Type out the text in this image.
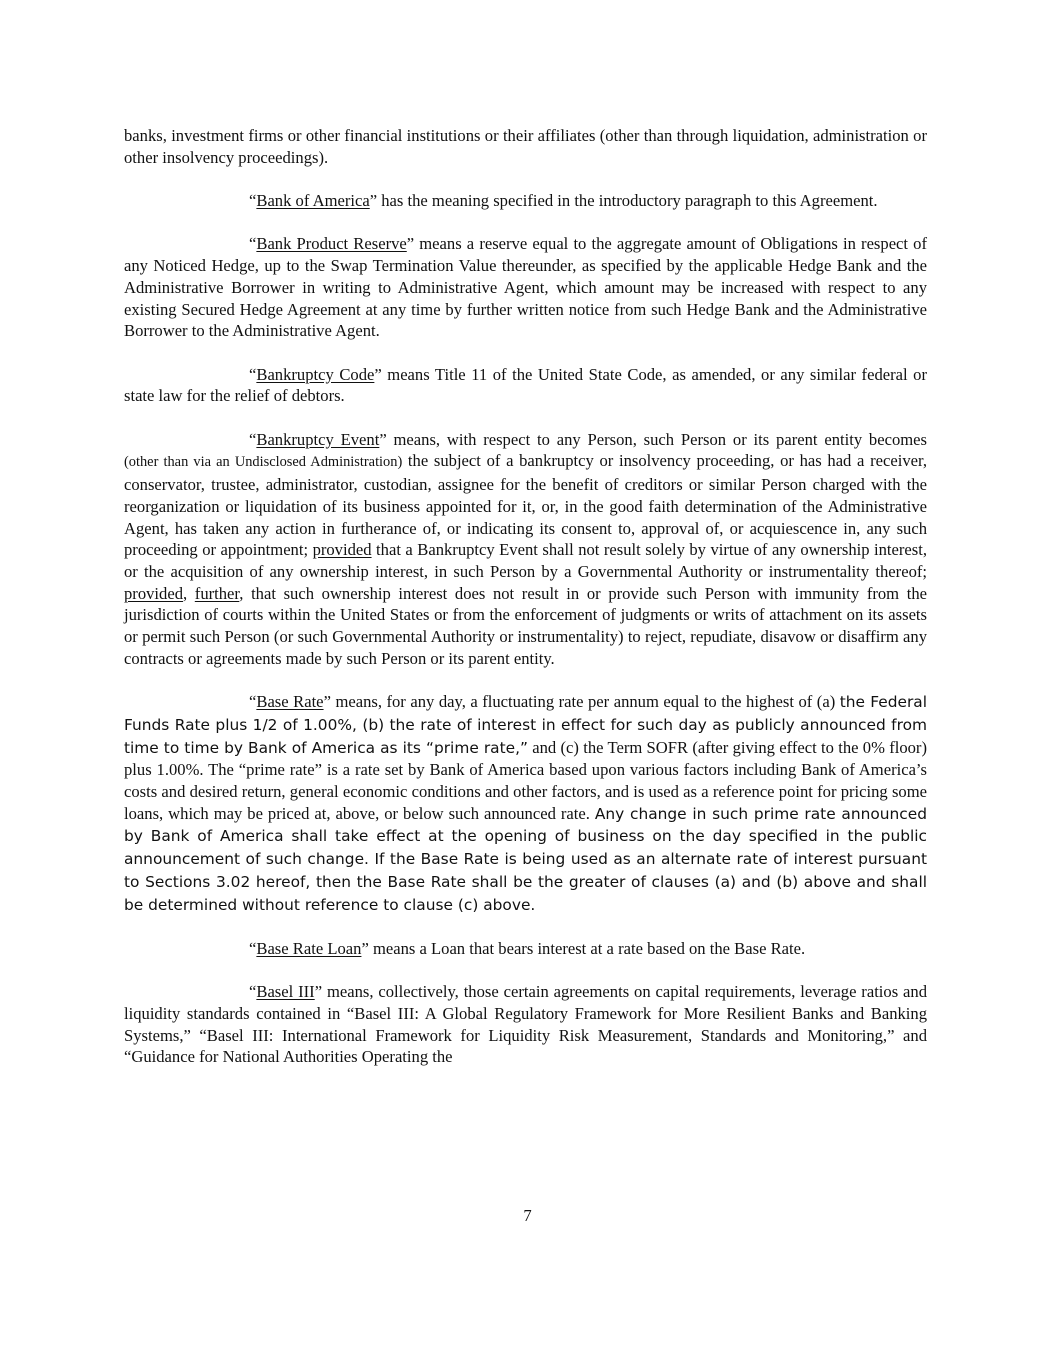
banks, investment firms or other financial institutions or their affiliates (other than through liquidation, administration or other insolvency proceedings).

“Bank of America” has the meaning specified in the introductory paragraph to this Agreement.

“Bank Product Reserve” means a reserve equal to the aggregate amount of Obligations in respect of any Noticed Hedge, up to the Swap Termination Value thereunder, as specified by the applicable Hedge Bank and the Administrative Borrower in writing to Administrative Agent, which amount may be increased with respect to any existing Secured Hedge Agreement at any time by further written notice from such Hedge Bank and the Administrative Borrower to the Administrative Agent.

“Bankruptcy Code” means Title 11 of the United State Code, as amended, or any similar federal or state law for the relief of debtors.

“Bankruptcy Event” means, with respect to any Person, such Person or its parent entity becomes (other than via an Undisclosed Administration) the subject of a bankruptcy or insolvency proceeding, or has had a receiver, conservator, trustee, administrator, custodian, assignee for the benefit of creditors or similar Person charged with the reorganization or liquidation of its business appointed for it, or, in the good faith determination of the Administrative Agent, has taken any action in furtherance of, or indicating its consent to, approval of, or acquiescence in, any such proceeding or appointment; provided that a Bankruptcy Event shall not result solely by virtue of any ownership interest, or the acquisition of any ownership interest, in such Person by a Governmental Authority or instrumentality thereof; provided, further, that such ownership interest does not result in or provide such Person with immunity from the jurisdiction of courts within the United States or from the enforcement of judgments or writs of attachment on its assets or permit such Person (or such Governmental Authority or instrumentality) to reject, repudiate, disavow or disaffirm any contracts or agreements made by such Person or its parent entity.

“Base Rate” means, for any day, a fluctuating rate per annum equal to the highest of (a) the Federal Funds Rate plus 1/2 of 1.00%, (b) the rate of interest in effect for such day as publicly announced from time to time by Bank of America as its “prime rate,” and (c) the Term SOFR (after giving effect to the 0% floor) plus 1.00%. The “prime rate” is a rate set by Bank of America based upon various factors including Bank of America’s costs and desired return, general economic conditions and other factors, and is used as a reference point for pricing some loans, which may be priced at, above, or below such announced rate. Any change in such prime rate announced by Bank of America shall take effect at the opening of business on the day specified in the public announcement of such change. If the Base Rate is being used as an alternate rate of interest pursuant to Sections 3.02 hereof, then the Base Rate shall be the greater of clauses (a) and (b) above and shall be determined without reference to clause (c) above.

“Base Rate Loan” means a Loan that bears interest at a rate based on the Base Rate.

“Basel III” means, collectively, those certain agreements on capital requirements, leverage ratios and liquidity standards contained in “Basel III: A Global Regulatory Framework for More Resilient Banks and Banking Systems,” “Basel III: International Framework for Liquidity Risk Measurement, Standards and Monitoring,” and “Guidance for National Authorities Operating the

7
